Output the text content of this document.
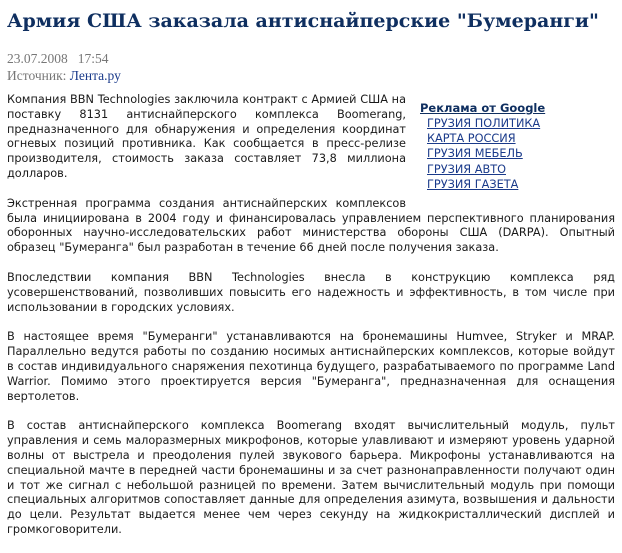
Армия США заказала антиснайперские "Бумеранги"
23.07.2008 17:54
Источник: Лента.ру
Реклама от Google
ГРУЗИЯ ПОЛИТИКА
КАРТА РОССИЯ
ГРУЗИЯ МЕБЕЛЬ
ГРУЗИЯ АВТО
ГРУЗИЯ ГАЗЕТА

Компания BBN Technologies заключила контракт с Армией США на поставку 8131 антиснайперского комплекса Boomerang, предназначенного для обнаружения и определения координат огневых позиций противника. Как сообщается в пресс-релизе производителя, стоимость заказа составляет 73,8 миллиона долларов.

Экстренная программа создания антиснайперских комплексов была инициирована в 2004 году и финансировалась управлением перспективного планирования оборонных научно-исследовательских работ министерства обороны США (DARPA). Опытный образец "Бумеранга" был разработан в течение 66 дней после получения заказа.

Впоследствии компания BBN Technologies внесла в конструкцию комплекса ряд усовершенствований, позволивших повысить его надежность и эффективность, в том числе при использовании в городских условиях.

В настоящее время "Бумеранги" устанавливаются на бронемашины Humvee, Stryker и MRAP. Параллельно ведутся работы по созданию носимых антиснайперских комплексов, которые войдут в состав индивидуального снаряжения пехотинца будущего, разрабатываемого по программе Land Warrior. Помимо этого проектируется версия "Бумеранга", предназначенная для оснащения вертолетов.

В состав антиснайперского комплекса Boomerang входят вычислительный модуль, пульт управления и семь малоразмерных микрофонов, которые улавливают и измеряют уровень ударной волны от выстрела и преодоления пулей звукового барьера. Микрофоны устанавливаются на специальной мачте в передней части бронемашины и за счет разнонаправленности получают один и тот же сигнал с небольшой разницей по времени. Затем вычислительный модуль при помощи специальных алгоритмов сопоставляет данные для определения азимута, возвышения и дальности до цели. Результат выдается менее чем через секунду на жидкокристаллический дисплей и громкоговорители.
